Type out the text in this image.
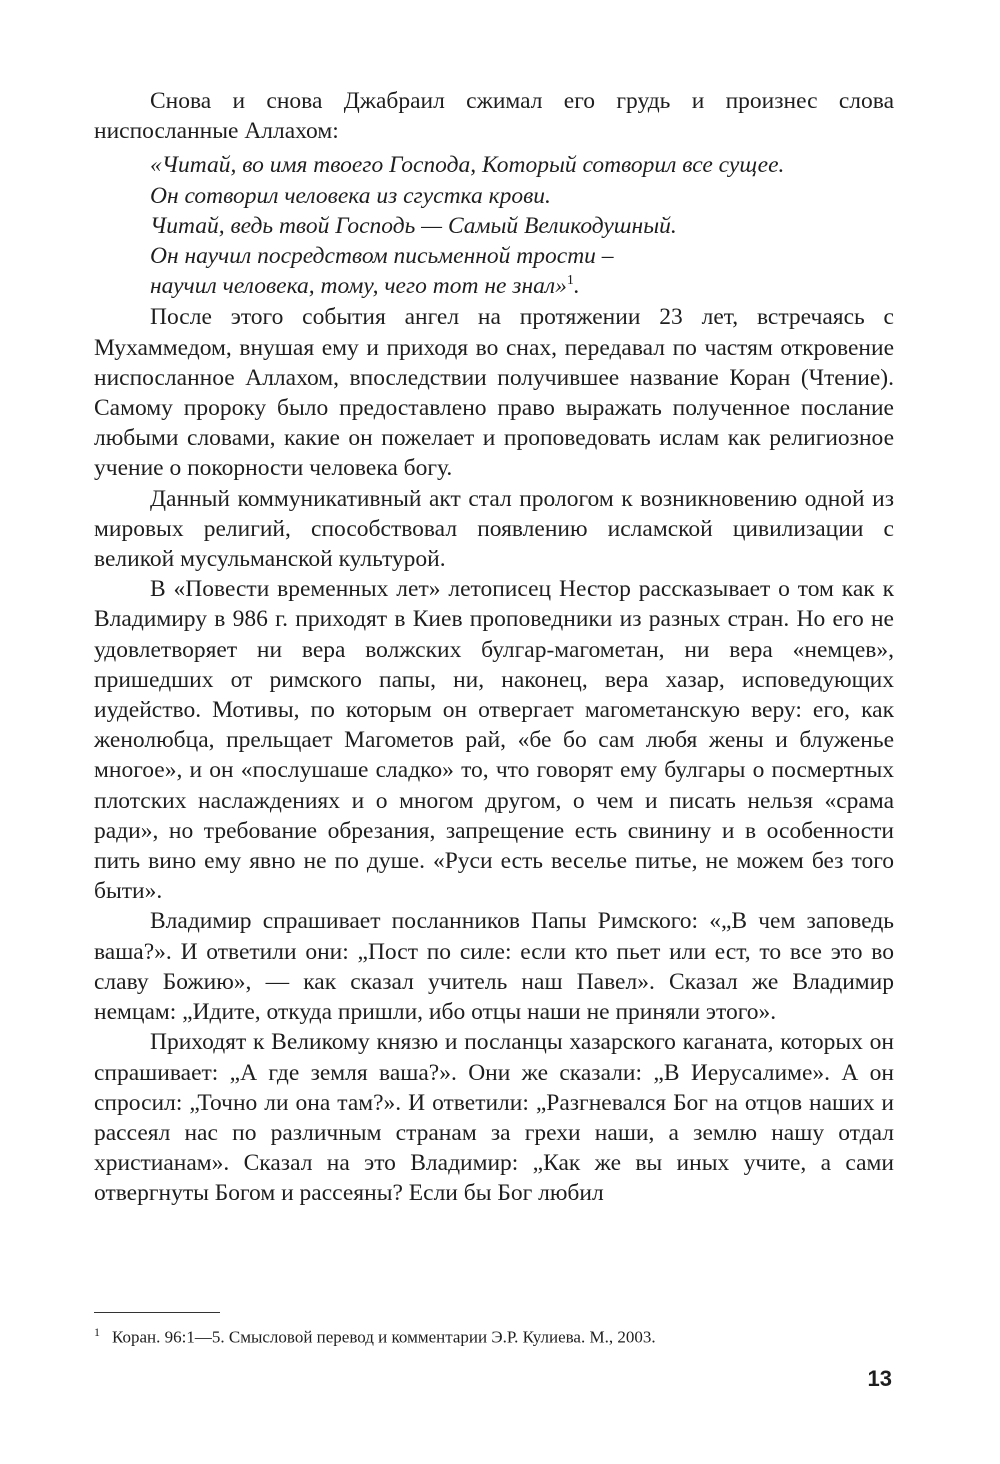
Снова и снова Джабраил сжимал его грудь и произнес слова ниспосланные Аллахом:

«Читай, во имя твоего Господа, Который сотворил все сущее.
Он сотворил человека из сгустка крови.
Читай, ведь твой Господь — Самый Великодушный.
Он научил посредством письменной трости –
научил человека, тому, чего тот не знал»$^1$.

После этого события ангел на протяжении 23 лет, встречаясь с Мухаммедом, внушая ему и приходя во снах, передавал по частям откровение ниспосланное Аллахом, впоследствии получившее название Коран (Чтение). Самому пророку было предоставлено право выражать полученное послание любыми словами, какие он пожелает и проповедовать ислам как религиозное учение о покорности человека богу.

Данный коммуникативный акт стал прологом к возникновению одной из мировых религий, способствовал появлению исламской цивилизации с великой мусульманской культурой.

В «Повести временных лет» летописец Нестор рассказывает о том как к Владимиру в 986 г. приходят в Киев проповедники из разных стран. Но его не удовлетворяет ни вера волжских булгар-магометан, ни вера «немцев», пришедших от римского папы, ни, наконец, вера хазар, исповедующих иудейство. Мотивы, по которым он отвергает магометанскую веру: его, как женолюбца, прельщает Магометов рай, «бе бо сам любя жены и блуженье многое», и он «послушаше сладко» то, что говорят ему булгары о посмертных плотских наслаждениях и о многом другом, о чем и писать нельзя «срама ради», но требование обрезания, запрещение есть свинину и в особенности пить вино ему явно не по душе. «Руси есть веселье питье, не можем без того быти».

Владимир спрашивает посланников Папы Римского: «„В чем заповедь ваша?». И ответили они: „Пост по силе: если кто пьет или ест, то все это во славу Божию», — как сказал учитель наш Павел». Сказал же Владимир немцам: „Идите, откуда пришли, ибо отцы наши не приняли этого».

Приходят к Великому князю и посланцы хазарского каганата, которых он спрашивает: „А где земля ваша?». Они же сказали: „В Иерусалиме». А он спросил: „Точно ли она там?». И ответили: „Разгневался Бог на отцов наших и рассеял нас по различным странам за грехи наши, а землю нашу отдал христианам». Сказал на это Владимир: „Как же вы иных учите, а сами отвергнуты Богом и рассеяны? Если бы Бог любил

$^1$ Коран. 96:1—5. Смысловой перевод и комментарии Э.Р. Кулиева. М., 2003.
13
